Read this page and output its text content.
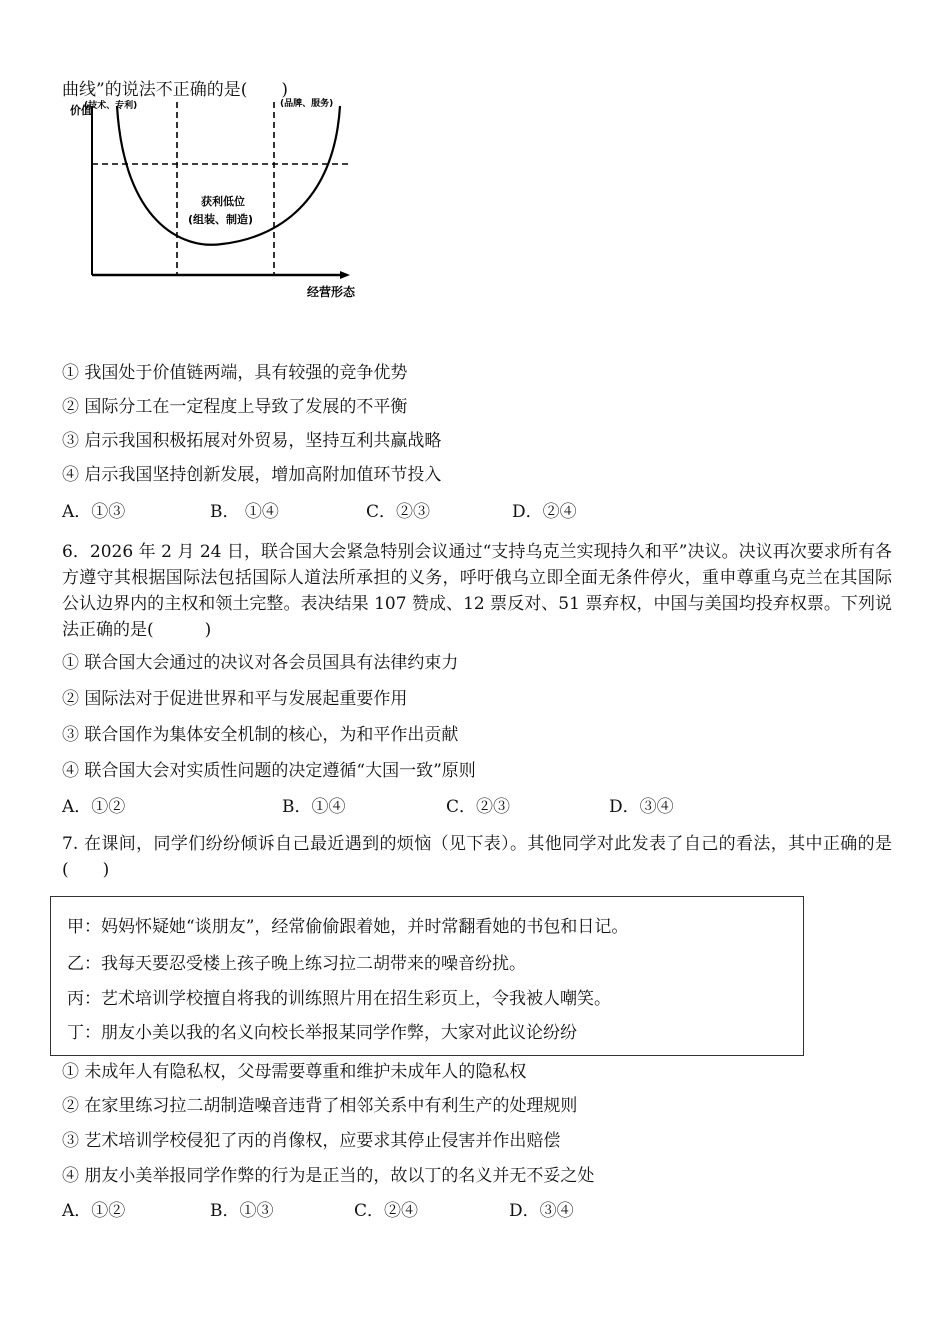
曲线”的说法不正确的是(　　)
价值
(技术、专利)	(品牌、服务)
获利低位
(组装、制造)
经营形态
① 我国处于价值链两端，具有较强的竞争优势
② 国际分工在一定程度上导致了发展的不平衡
③ 启示我国积极拓展对外贸易，坚持互利共赢战略
④ 启示我国坚持创新发展，增加高附加值环节投入
A．①③	B． ①④	C．②③	D．②④
6．2026 年 2 月 24 日，联合国大会紧急特别会议通过“支持乌克兰实现持久和平”决议。决议再次要求所有各方遵守其根据国际法包括国际人道法所承担的义务，呼吁俄乌立即全面无条件停火，重申尊重乌克兰在其国际公认边界内的主权和领土完整。表决结果 107 赞成、12 票反对、51 票弃权，中国与美国均投弃权票。下列说法正确的是(　　　)
① 联合国大会通过的决议对各会员国具有法律约束力
② 国际法对于促进世界和平与发展起重要作用
③ 联合国作为集体安全机制的核心，为和平作出贡献
④ 联合国大会对实质性问题的决定遵循“大国一致”原则
A．①②	B．①④	C．②③	D．③④
7. 在课间，同学们纷纷倾诉自己最近遇到的烦恼（见下表）。其他同学对此发表了自己的看法，其中正确的是(　　)
甲：妈妈怀疑她“谈朋友”，经常偷偷跟着她，并时常翻看她的书包和日记。
乙：我每天要忍受楼上孩子晚上练习拉二胡带来的噪音纷扰。
丙：艺术培训学校擅自将我的训练照片用在招生彩页上，令我被人嘲笑。
丁：朋友小美以我的名义向校长举报某同学作弊，大家对此议论纷纷
① 未成年人有隐私权，父母需要尊重和维护未成年人的隐私权
② 在家里练习拉二胡制造噪音违背了相邻关系中有利生产的处理规则
③ 艺术培训学校侵犯了丙的肖像权，应要求其停止侵害并作出赔偿
④ 朋友小美举报同学作弊的行为是正当的，故以丁的名义并无不妥之处
A．①②	B．①③	C．②④	D．③④
